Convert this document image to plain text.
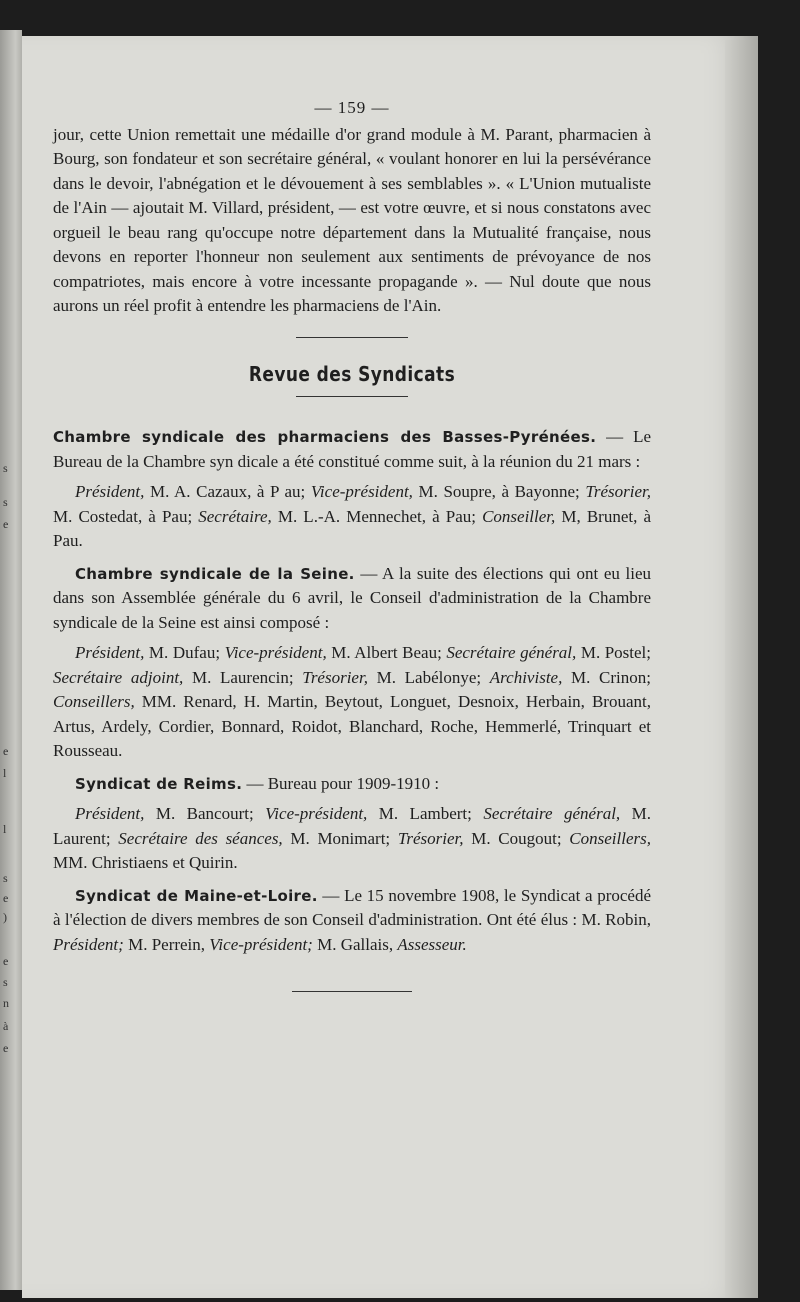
s
s
e
e
l
l
s
e
)
e
s
n
à
e
— 159 —

jour, cette Union remettait une médaille d'or grand module à M. Parant, pharmacien à Bourg, son fondateur et son secrétaire général, « voulant honorer en lui la persévérance dans le devoir, l'abnégation et le dévouement à ses semblables ». « L'Union mutualiste de l'Ain — ajoutait M. Villard, président, — est votre œuvre, et si nous constatons avec orgueil le beau rang qu'occupe notre département dans la Mutualité française, nous devons en reporter l'honneur non seulement aux sentiments de prévoyance de nos compatriotes, mais encore à votre incessante propagande ». — Nul doute que nous aurons un réel profit à entendre les pharmaciens de l'Ain.

Revue des Syndicats

Chambre syndicale des pharmaciens des Basses-Pyrénées. — Le Bureau de la Chambre syn dicale a été constitué comme suit, à la réunion du 21 mars :

Président, M. A. Cazaux, à P au; Vice-président, M. Soupre, à Bayonne; Trésorier, M. Costedat, à Pau; Secrétaire, M. L.-A. Mennechet, à Pau; Conseiller, M, Brunet, à Pau.

Chambre syndicale de la Seine. — A la suite des élections qui ont eu lieu dans son Assemblée générale du 6 avril, le Conseil d'administration de la Chambre syndicale de la Seine est ainsi composé :

Président, M. Dufau; Vice-président, M. Albert Beau; Secrétaire général, M. Postel; Secrétaire adjoint, M. Laurencin; Trésorier, M. Labélonye; Archiviste, M. Crinon; Conseillers, MM. Renard, H. Martin, Beytout, Longuet, Desnoix, Herbain, Brouant, Artus, Ardely, Cordier, Bonnard, Roidot, Blanchard, Roche, Hemmerlé, Trinquart et Rousseau.

Syndicat de Reims. — Bureau pour 1909-1910 :

Président, M. Bancourt; Vice-président, M. Lambert; Secrétaire général, M. Laurent; Secrétaire des séances, M. Monimart; Trésorier, M. Cougout; Conseillers, MM. Christiaens et Quirin.

Syndicat de Maine-et-Loire. — Le 15 novembre 1908, le Syndicat a procédé à l'élection de divers membres de son Conseil d'administration. Ont été élus : M. Robin, Président; M. Perrein, Vice-président; M. Gallais, Assesseur.
